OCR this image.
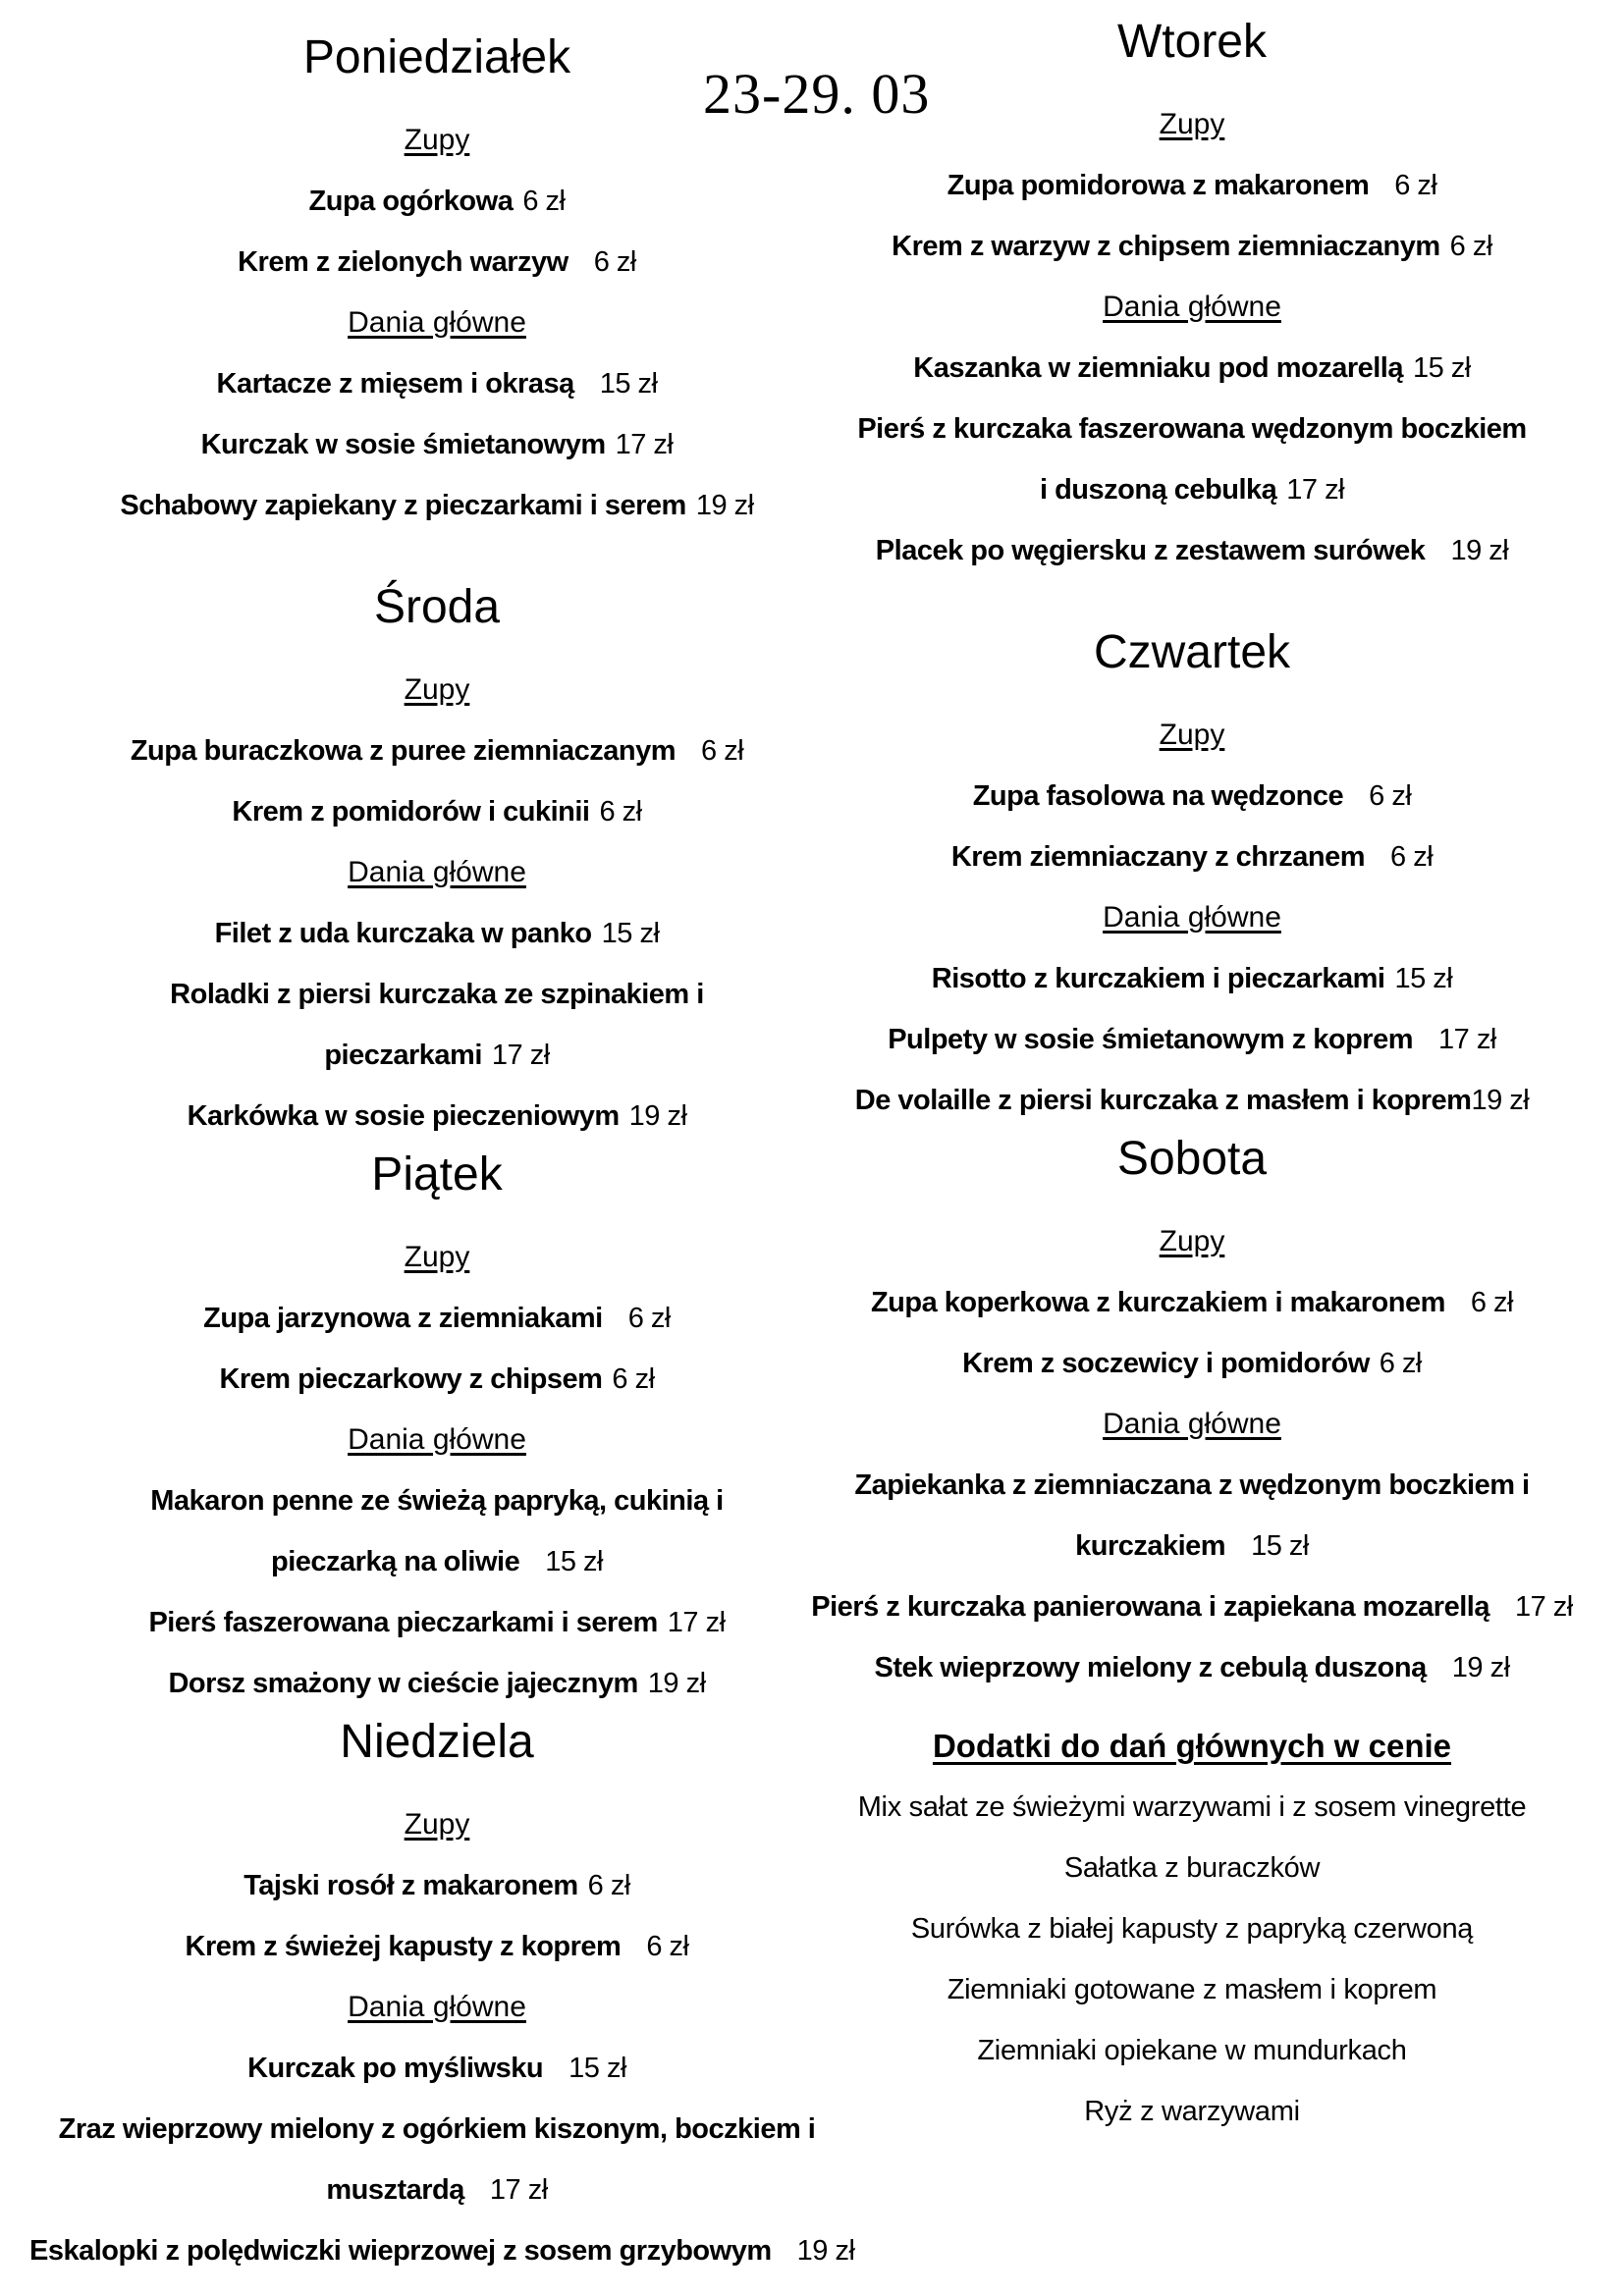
23-29. 03
Poniedziałek
Zupy
Zupa ogórkowa 6 zł
Krem z zielonych warzyw 6 zł
Dania główne
Kartacze z mięsem i okrasą 15 zł
Kurczak w sosie śmietanowym 17 zł
Schabowy zapiekany z pieczarkami i serem 19 zł
Środa
Zupy
Zupa buraczkowa z puree ziemniaczanym 6 zł
Krem z pomidorów i cukinii 6 zł
Dania główne
Filet z uda kurczaka w panko 15 zł
Roladki z piersi kurczaka ze szpinakiem i
pieczarkami 17 zł
Karkówka w sosie pieczeniowym 19 zł
Piątek
Zupy
Zupa jarzynowa z ziemniakami 6 zł
Krem pieczarkowy z chipsem 6 zł
Dania główne
Makaron penne ze świeżą papryką, cukinią i
pieczarką na oliwie 15 zł
Pierś faszerowana pieczarkami i serem 17 zł
Dorsz smażony w cieście jajecznym 19 zł
Niedziela
Zupy
Tajski rosół z makaronem 6 zł
Krem z świeżej kapusty z koprem 6 zł
Dania główne
Kurczak po myśliwsku 15 zł
Zraz wieprzowy mielony z ogórkiem kiszonym, boczkiem i
musztardą 17 zł
Eskalopki z polędwiczki wieprzowej z sosem grzybowym 19 zł
Wtorek
Zupy
Zupa pomidorowa z makaronem 6 zł
Krem z warzyw z chipsem ziemniaczanym 6 zł
Dania główne
Kaszanka w ziemniaku pod mozarellą 15 zł
Pierś z kurczaka faszerowana wędzonym boczkiem
i duszoną cebulką 17 zł
Placek po węgiersku z zestawem surówek 19 zł
Czwartek
Zupy
Zupa fasolowa na wędzonce 6 zł
Krem ziemniaczany z chrzanem 6 zł
Dania główne
Risotto z kurczakiem i pieczarkami 15 zł
Pulpety w sosie śmietanowym z koprem 17 zł
De volaille z piersi kurczaka z masłem i koprem19 zł
Sobota
Zupy
Zupa koperkowa z kurczakiem i makaronem 6 zł
Krem z soczewicy i pomidorów 6 zł
Dania główne
Zapiekanka z ziemniaczana z wędzonym boczkiem i
kurczakiem 15 zł
Pierś z kurczaka panierowana i zapiekana mozarellą 17 zł
Stek wieprzowy mielony z cebulą duszoną 19 zł
Dodatki do dań głównych w cenie
Mix sałat ze świeżymi warzywami i z sosem vinegrette
Sałatka z buraczków
Surówka z białej kapusty z papryką czerwoną
Ziemniaki gotowane z masłem i koprem
Ziemniaki opiekane w mundurkach
Ryż z warzywami
